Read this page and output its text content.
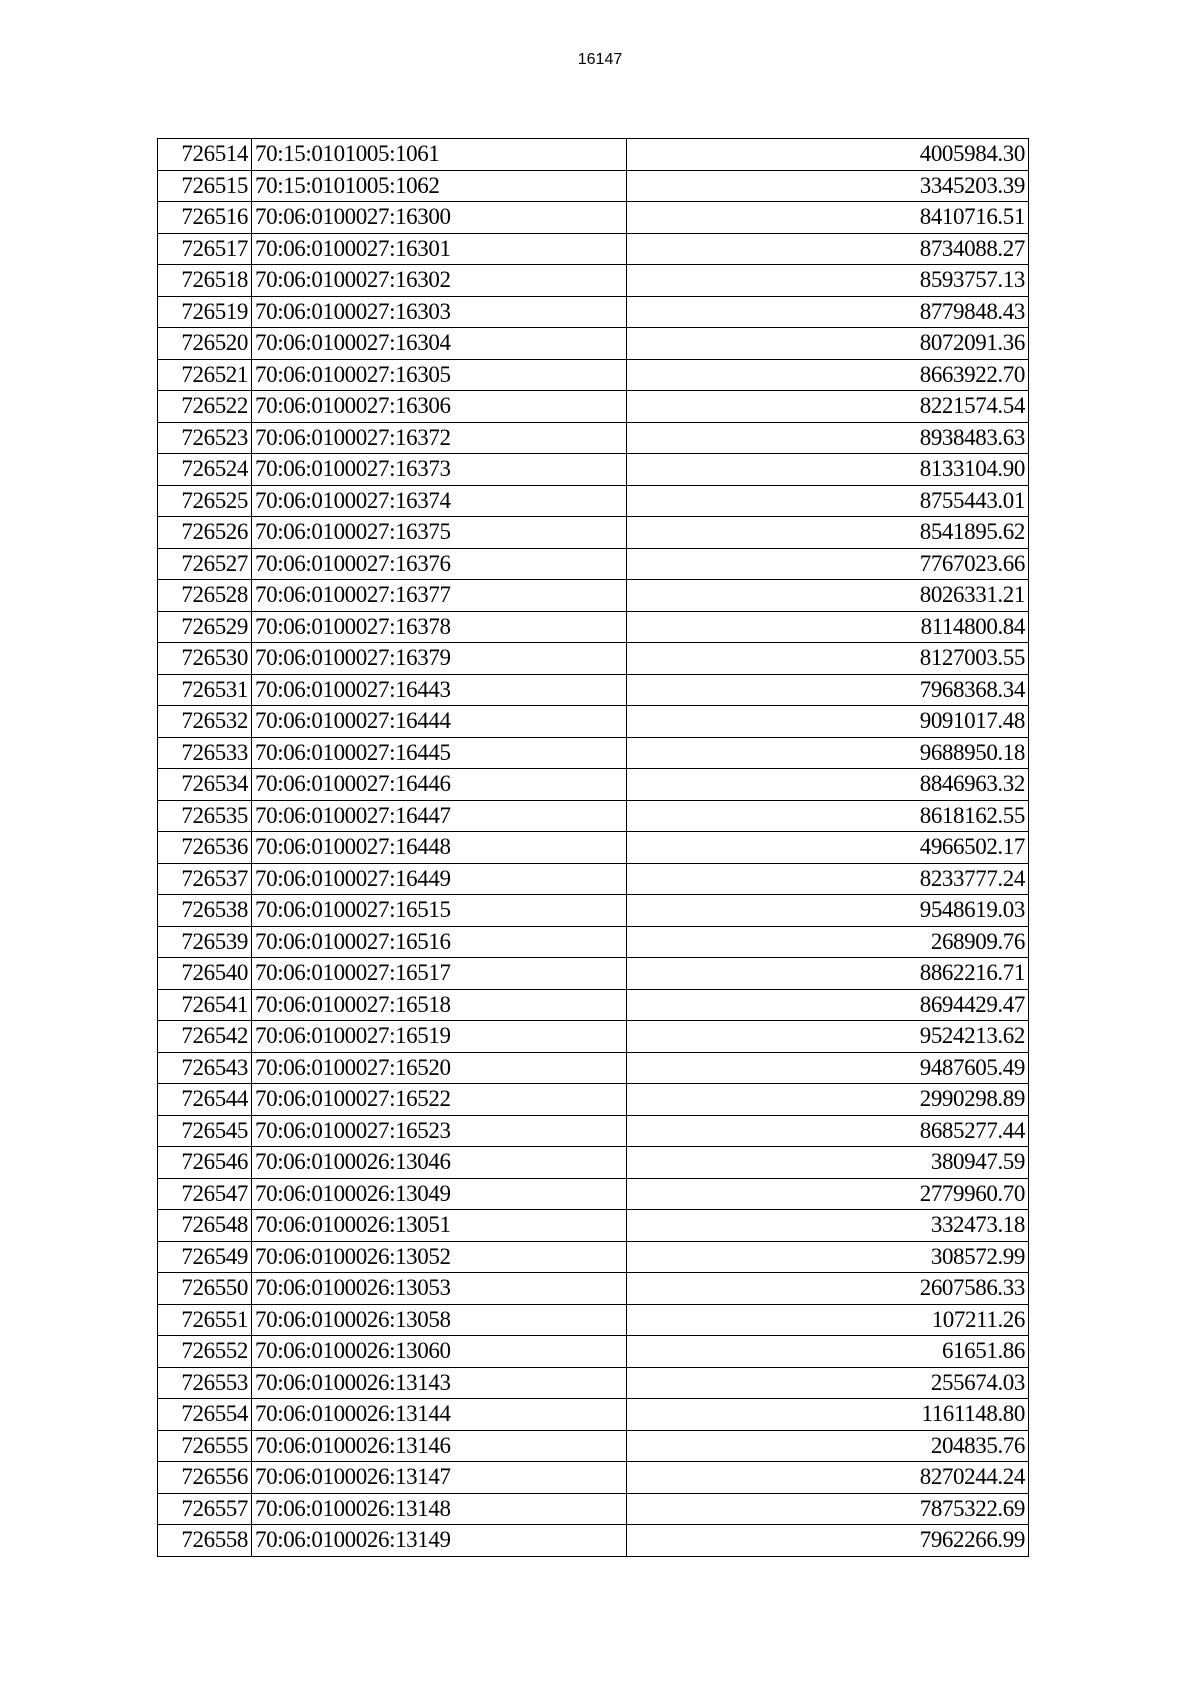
16147
726514	70:15:0101005:1061	4005984.30
726515	70:15:0101005:1062	3345203.39
726516	70:06:0100027:16300	8410716.51
726517	70:06:0100027:16301	8734088.27
726518	70:06:0100027:16302	8593757.13
726519	70:06:0100027:16303	8779848.43
726520	70:06:0100027:16304	8072091.36
726521	70:06:0100027:16305	8663922.70
726522	70:06:0100027:16306	8221574.54
726523	70:06:0100027:16372	8938483.63
726524	70:06:0100027:16373	8133104.90
726525	70:06:0100027:16374	8755443.01
726526	70:06:0100027:16375	8541895.62
726527	70:06:0100027:16376	7767023.66
726528	70:06:0100027:16377	8026331.21
726529	70:06:0100027:16378	8114800.84
726530	70:06:0100027:16379	8127003.55
726531	70:06:0100027:16443	7968368.34
726532	70:06:0100027:16444	9091017.48
726533	70:06:0100027:16445	9688950.18
726534	70:06:0100027:16446	8846963.32
726535	70:06:0100027:16447	8618162.55
726536	70:06:0100027:16448	4966502.17
726537	70:06:0100027:16449	8233777.24
726538	70:06:0100027:16515	9548619.03
726539	70:06:0100027:16516	268909.76
726540	70:06:0100027:16517	8862216.71
726541	70:06:0100027:16518	8694429.47
726542	70:06:0100027:16519	9524213.62
726543	70:06:0100027:16520	9487605.49
726544	70:06:0100027:16522	2990298.89
726545	70:06:0100027:16523	8685277.44
726546	70:06:0100026:13046	380947.59
726547	70:06:0100026:13049	2779960.70
726548	70:06:0100026:13051	332473.18
726549	70:06:0100026:13052	308572.99
726550	70:06:0100026:13053	2607586.33
726551	70:06:0100026:13058	107211.26
726552	70:06:0100026:13060	61651.86
726553	70:06:0100026:13143	255674.03
726554	70:06:0100026:13144	1161148.80
726555	70:06:0100026:13146	204835.76
726556	70:06:0100026:13147	8270244.24
726557	70:06:0100026:13148	7875322.69
726558	70:06:0100026:13149	7962266.99
